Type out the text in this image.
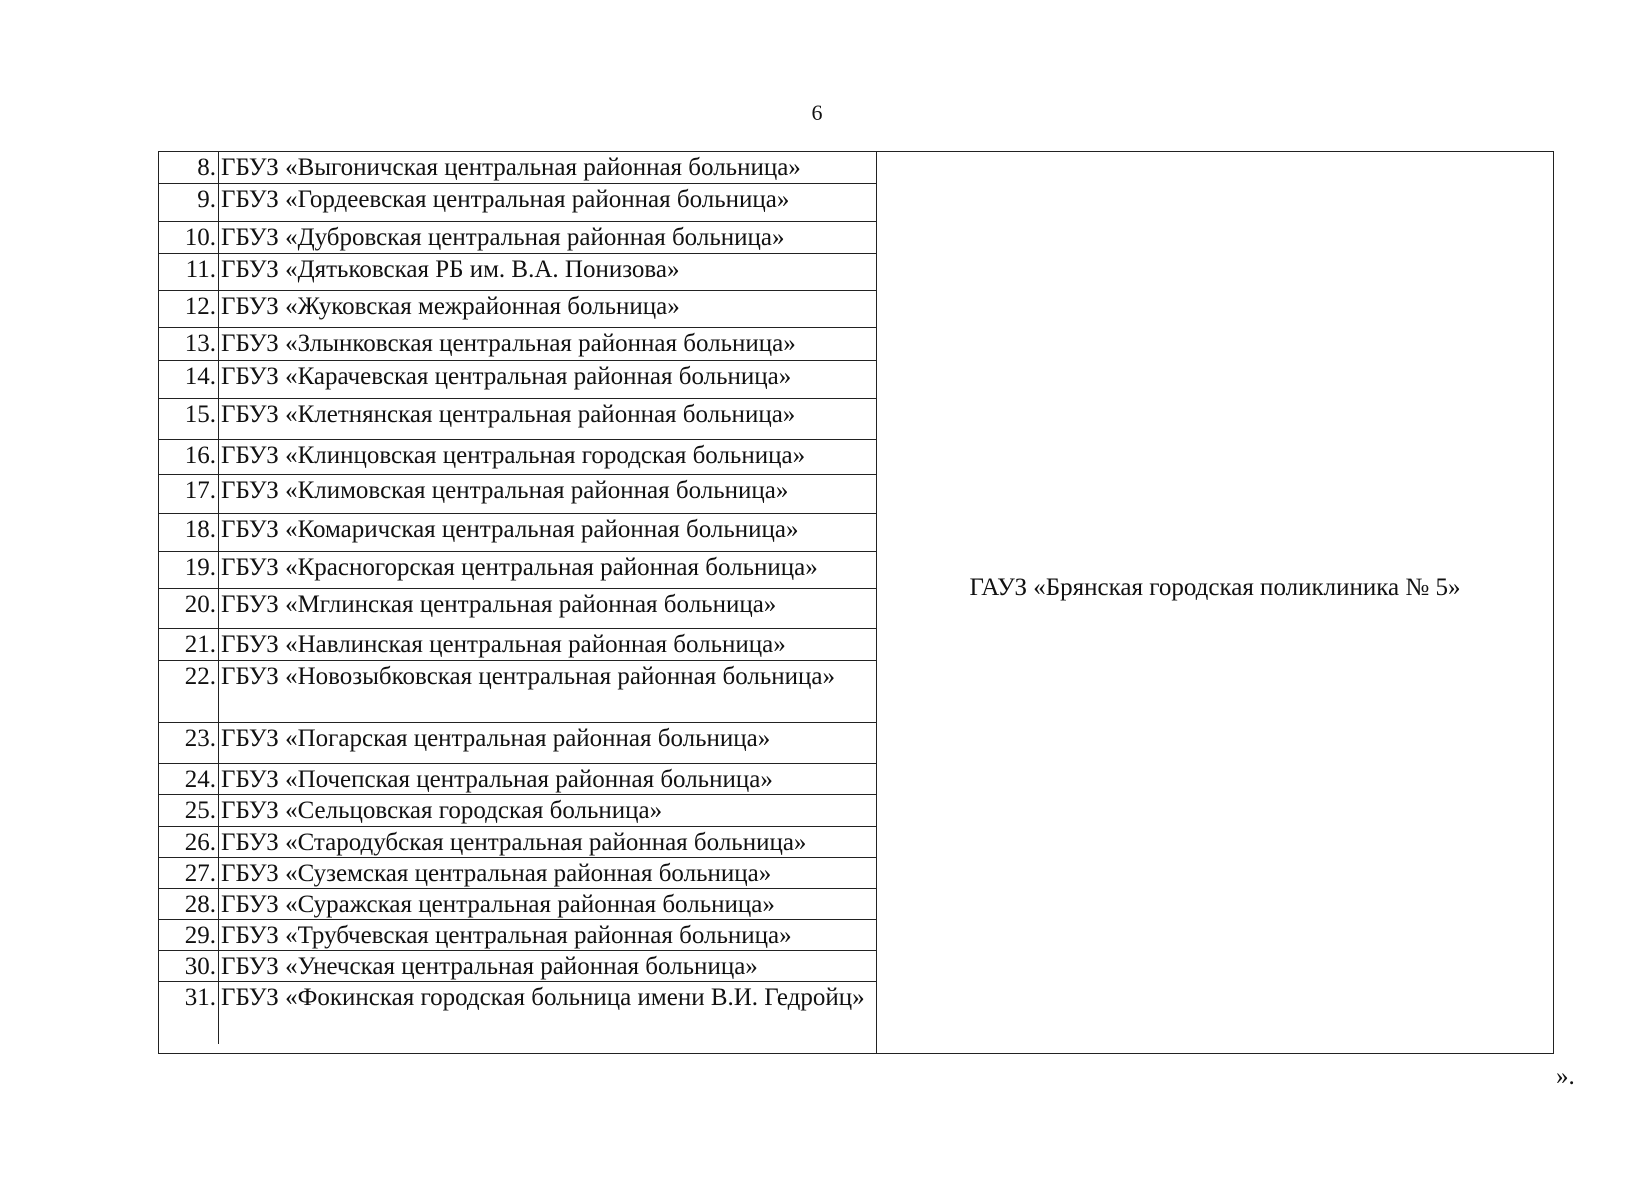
6
8. ГБУЗ «Выгоничская центральная районная больница»
9. ГБУЗ «Гордеевская центральная районная больница»
10. ГБУЗ «Дубровская центральная районная больница»
11. ГБУЗ «Дятьковская РБ им. В.А. Понизова»
12. ГБУЗ «Жуковская межрайонная больница»
13. ГБУЗ «Злынковская центральная районная больница»
14. ГБУЗ «Карачевская центральная районная больница»
15. ГБУЗ «Клетнянская центральная районная больница»
16. ГБУЗ «Клинцовская центральная городская больница»
17. ГБУЗ «Климовская центральная районная больница»
18. ГБУЗ «Комаричская центральная районная больница»
19. ГБУЗ «Красногорская центральная районная больница»
20. ГБУЗ «Мглинская центральная районная больница»
21. ГБУЗ «Навлинская центральная районная больница»
22. ГБУЗ «Новозыбковская центральная районная больница»
23. ГБУЗ «Погарская центральная районная больница»
24. ГБУЗ «Почепская центральная районная больница»
25. ГБУЗ «Сельцовская городская больница»
26. ГБУЗ «Стародубская центральная районная больница»
27. ГБУЗ «Суземская центральная районная больница»
28. ГБУЗ «Суражская центральная районная больница»
29. ГБУЗ «Трубчевская центральная районная больница»
30. ГБУЗ «Унечская центральная районная больница»
31. ГБУЗ «Фокинская городская больница имени В.И. Гедройц»
ГАУЗ «Брянская городская поликлиника № 5»
».
